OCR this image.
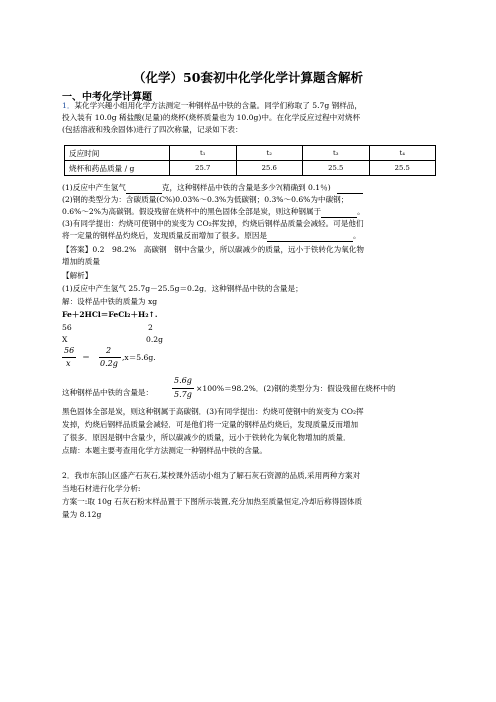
（化学）50套初中化学化学计算题含解析
一、中考化学计算题
1．某化学兴趣小组用化学方法测定一种钢样品中铁的含量。同学们称取了 5.7g 钢样品，
投入装有 10.0g 稀盐酸(足量)的烧杯(烧杯质量也为 10.0g)中。在化学反应过程中对烧杯
(包括溶液和残余固体)进行了四次称量，记录如下表：
反应时间	t₁	t₂	t₃	t₄
烧杯和药品质量 / g	25.7	25.6	25.5	25.5
(1)反应中产生氢气	克，这种钢样品中铁的含量是多少?(精确到 0.1％)
(2)钢的类型分为：含碳质量(C%)0.03%～0.3%为低碳钢；0.3%～0.6%为中碳钢；
0.6%～2%为高碳钢。假设残留在烧杯中的黑色固体全部是炭，则这种钢属于	。
(3)有同学提出：灼烧可使钢中的炭变为 CO₂挥发掉，灼烧后钢样品质量会减轻。可是他们
将一定量的钢样品灼烧后，发现质量反而增加了很多。原因是	。
【答案】0.2　98.2%　高碳钢　钢中含量少，所以碳减少的质量，远小于铁转化为氧化物
增加的质量
【解析】
(1)反应中产生氢气 25.7g－25.5g＝0.2g．这种钢样品中铁的含量是；
解：设样品中铁的质量为 xg
Fe＋2HCl＝FeCl₂＋H₂↑.
56	2
X	0.2g
56
x
＝
2
0.2g
,x＝5.6g.
这种钢样品中铁的含量是：
5.6g
5.7g
×100%＝98.2%．(2)钢的类型分为：假设残留在烧杯中的
黑色固体全部是炭，则这种钢属于高碳钢．(3)有同学提出：灼烧可使钢中的炭变为 CO₂挥
发掉，灼烧后钢样品质量会减轻．可是他们将一定量的钢样品灼烧后，发现质量反而增加
了很多．原因是钢中含量少，所以碳减少的质量，远小于铁转化为氧化物增加的质量．
点睛：本题主要考查用化学方法测定一种钢样品中铁的含量。
2．我市东部山区盛产石灰石,某校课外活动小组为了解石灰石资源的品质,采用两种方案对
当地石材进行化学分析:
方案一:取 10g 石灰石粉末样品置于下图所示装置,充分加热至质量恒定,冷却后称得固体质
量为 8.12g
